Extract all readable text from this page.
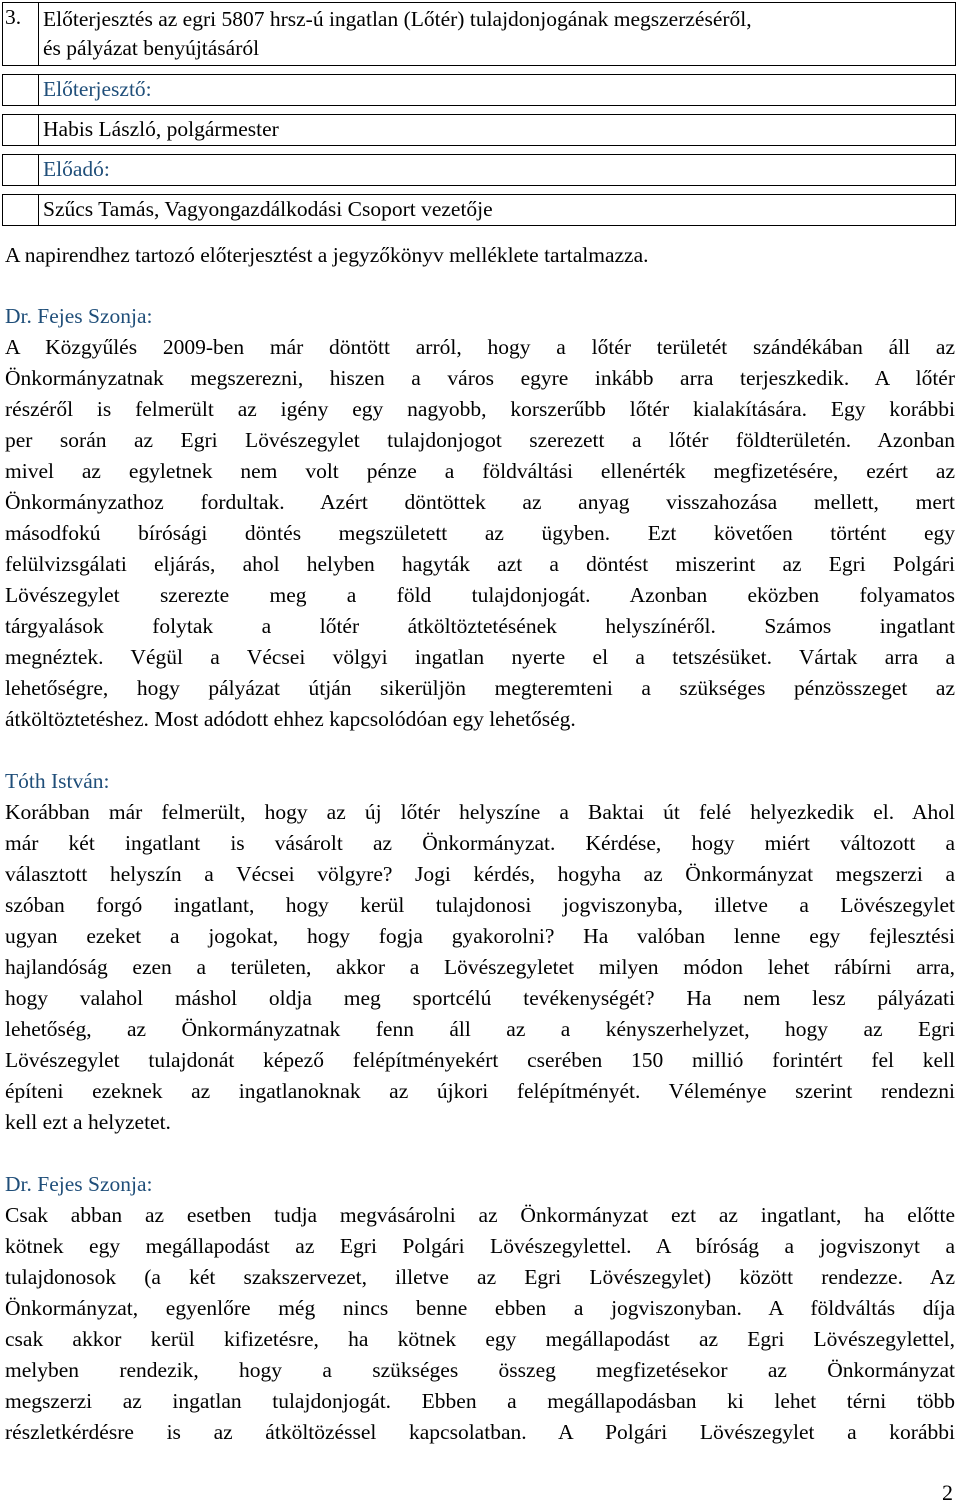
3.	Előterjesztés az egri 5807 hrsz-ú ingatlan (Lőtér) tulajdonjogának megszerzéséről,
és pályázat benyújtásáról

	Előterjesztő:

	Habis László, polgármester

	Előadó:

	Szűcs Tamás, Vagyongazdálkodási Csoport vezetője

A napirendhez tartozó előterjesztést a jegyzőkönyv melléklete tartalmazza.

Dr. Fejes Szonja:

A Közgyűlés 2009-ben már döntött arról, hogy a lőtér területét szándékában áll az

Önkormányzatnak megszerezni, hiszen a város egyre inkább arra terjeszkedik. A lőtér

részéről is felmerült az igény egy nagyobb, korszerűbb lőtér kialakítására. Egy korábbi

per során az Egri Lövészegylet tulajdonjogot szerezett a lőtér földterületén. Azonban

mivel az egyletnek nem volt pénze a földváltási ellenérték megfizetésére, ezért az

Önkormányzathoz fordultak. Azért döntöttek az anyag visszahozása mellett, mert

másodfokú bírósági döntés megszületett az ügyben. Ezt követően történt egy

felülvizsgálati eljárás, ahol helyben hagyták azt a döntést miszerint az Egri Polgári

Lövészegylet szerezte meg a föld tulajdonjogát. Azonban eközben folyamatos

tárgyalások folytak a lőtér átköltöztetésének helyszínéről. Számos ingatlant

megnéztek. Végül a Vécsei völgyi ingatlan nyerte el a tetszésüket. Vártak arra a

lehetőségre, hogy pályázat útján sikerüljön megteremteni a szükséges pénzösszeget az

átköltöztetéshez. Most adódott ehhez kapcsolódóan egy lehetőség.

Tóth István:

Korábban már felmerült, hogy az új lőtér helyszíne a Baktai út felé helyezkedik el. Ahol

már két ingatlant is vásárolt az Önkormányzat. Kérdése, hogy miért változott a

választott helyszín a Vécsei völgyre? Jogi kérdés, hogyha az Önkormányzat megszerzi a

szóban forgó ingatlant, hogy kerül tulajdonosi jogviszonyba, illetve a Lövészegylet

ugyan ezeket a jogokat, hogy fogja gyakorolni? Ha valóban lenne egy fejlesztési

hajlandóság ezen a területen, akkor a Lövészegyletet milyen módon lehet rábírni arra,

hogy valahol máshol oldja meg sportcélú tevékenységét? Ha nem lesz pályázati

lehetőség, az Önkormányzatnak fenn áll az a kényszerhelyzet, hogy az Egri

Lövészegylet tulajdonát képező felépítményekért cserében 150 millió forintért fel kell

építeni ezeknek az ingatlanoknak az újkori felépítményét. Véleménye szerint rendezni

kell ezt a helyzetet.

Dr. Fejes Szonja:

Csak abban az esetben tudja megvásárolni az Önkormányzat ezt az ingatlant, ha előtte

kötnek egy megállapodást az Egri Polgári Lövészegylettel. A bíróság a jogviszonyt a

tulajdonosok (a két szakszervezet, illetve az Egri Lövészegylet) között rendezze. Az

Önkormányzat, egyenlőre még nincs benne ebben a jogviszonyban. A földváltás díja

csak akkor kerül kifizetésre, ha kötnek egy megállapodást az Egri Lövészegylettel,

melyben rendezik, hogy a szükséges összeg megfizetésekor az Önkormányzat

megszerzi az ingatlan tulajdonjogát. Ebben a megállapodásban ki lehet térni több

részletkérdésre is az átköltözéssel kapcsolatban. A Polgári Lövészegylet a korábbi

2
